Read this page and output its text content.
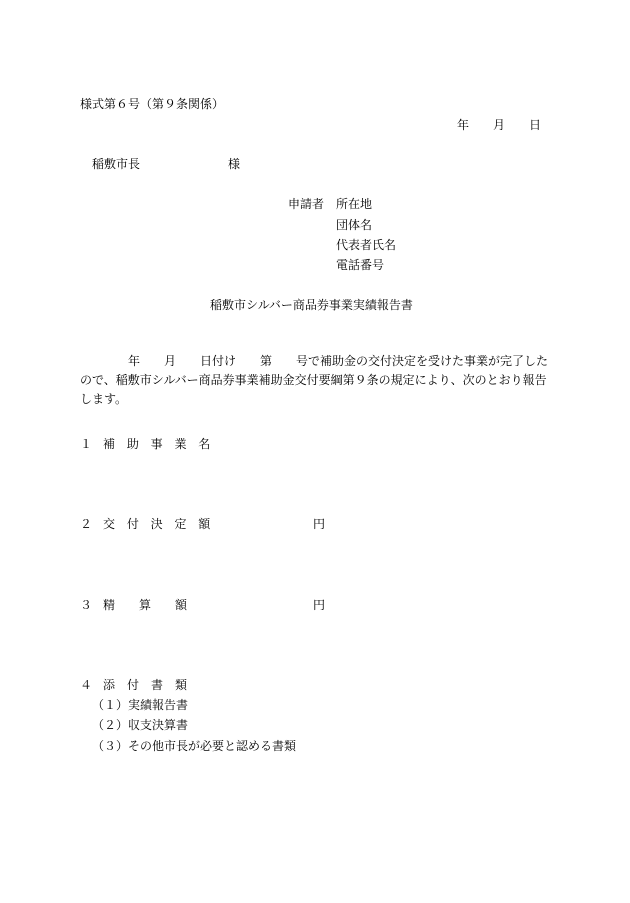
様式第６号（第９条関係）
年　　月　　日
稲敷市長	様
申請者 所在地
団体名
代表者氏名
電話番号
稲敷市シルバー商品券事業実績報告書
年　　月　　日付け　　第　　号で補助金の交付決定を受けた事業が完了したので、稲敷市シルバー商品券事業補助金交付要綱第９条の規定により、次のとおり報告します。
１ 補 助 事 業 名
２ 交 付 決 定 額	円
３ 精　　算　　額	円
４ 添　付　書　類
（１）実績報告書
（２）収支決算書
（３）その他市長が必要と認める書類
